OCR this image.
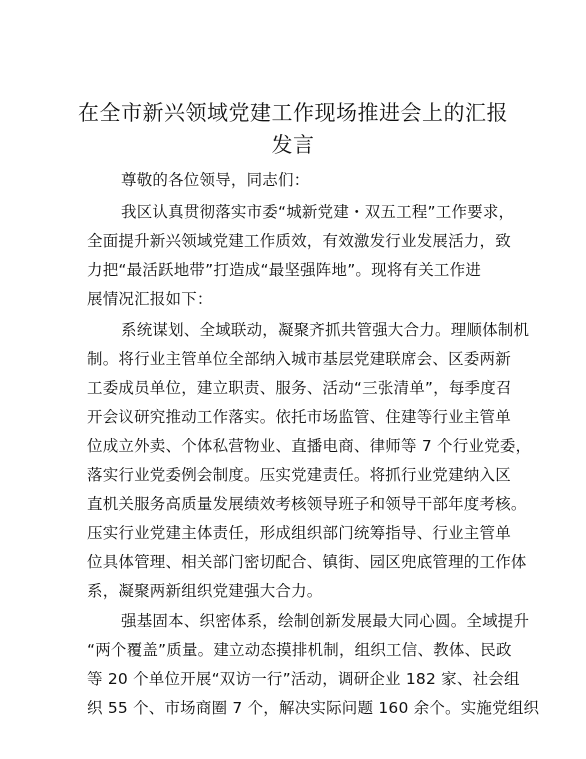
在全市新兴领域党建工作现场推进会上的汇报
发言
尊敬的各位领导，同志们：
我区认真贯彻落实市委“城新党建・双五工程”工作要求，
全面提升新兴领域党建工作质效，有效激发行业发展活力，致
力把“最活跃地带”打造成“最坚强阵地”。现将有关工作进
展情况汇报如下：
系统谋划、全域联动，凝聚齐抓共管强大合力。理顺体制机
制。将行业主管单位全部纳入城市基层党建联席会、区委两新
工委成员单位，建立职责、服务、活动“三张清单”，每季度召
开会议研究推动工作落实。依托市场监管、住建等行业主管单
位成立外卖、个体私营物业、直播电商、律师等 7 个行业党委，
落实行业党委例会制度。压实党建责任。将抓行业党建纳入区
直机关服务高质量发展绩效考核领导班子和领导干部年度考核。
压实行业党建主体责任，形成组织部门统筹指导、行业主管单
位具体管理、相关部门密切配合、镇街、园区兜底管理的工作体
系，凝聚两新组织党建强大合力。
强基固本、织密体系，绘制创新发展最大同心圆。全域提升
“两个覆盖”质量。建立动态摸排机制，组织工信、教体、民政
等 20 个单位开展“双访一行”活动，调研企业 182 家、社会组
织 55 个、市场商圈 7 个，解决实际问题 160 余个。实施党组织
